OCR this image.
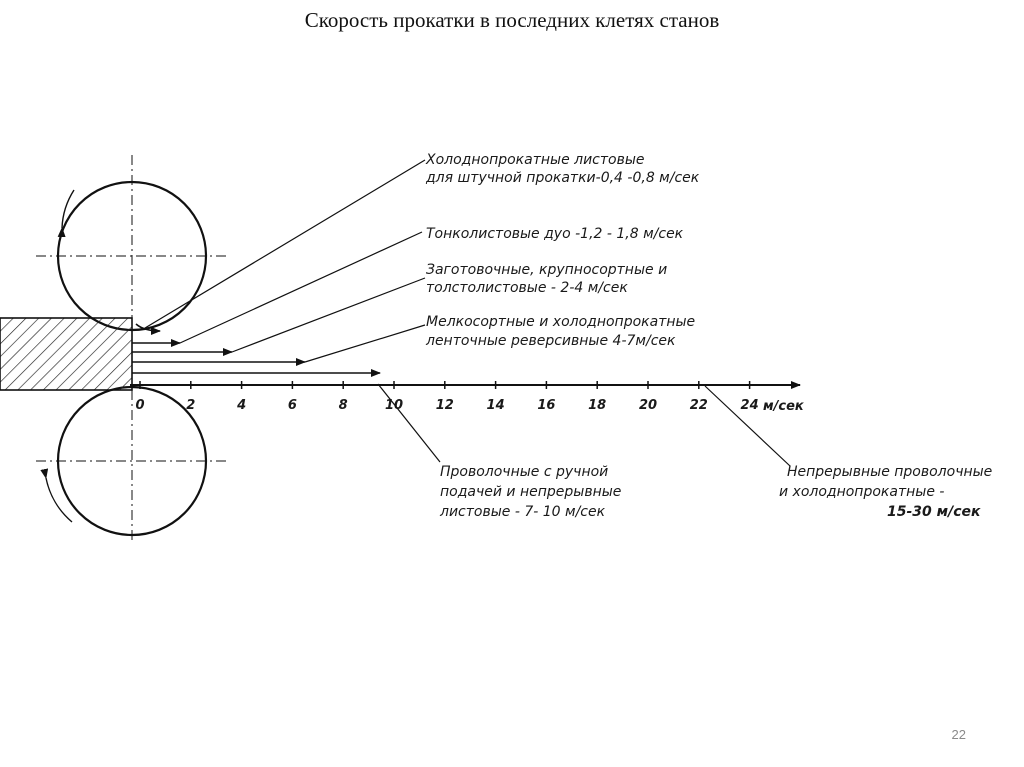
Скорость прокатки в последних клетях станов
0	2	4	6	8	10	12	14	16	18	20	22	24 м/сек
Холоднопрокатные листовые
для штучной прокатки-0,4 -0,8 м/сек
Тонколистовые дуо -1,2 - 1,8 м/сек
Заготовочные, крупносортные и
толстолистовые - 2-4 м/сек
Мелкосортные и холоднопрокатные
ленточные реверсивные 4-7м/сек
Проволочные с ручной
подачей и непрерывные
листовые - 7- 10 м/сек
Непрерывные проволочные
и холоднопрокатные -
15-30 м/сек
22
